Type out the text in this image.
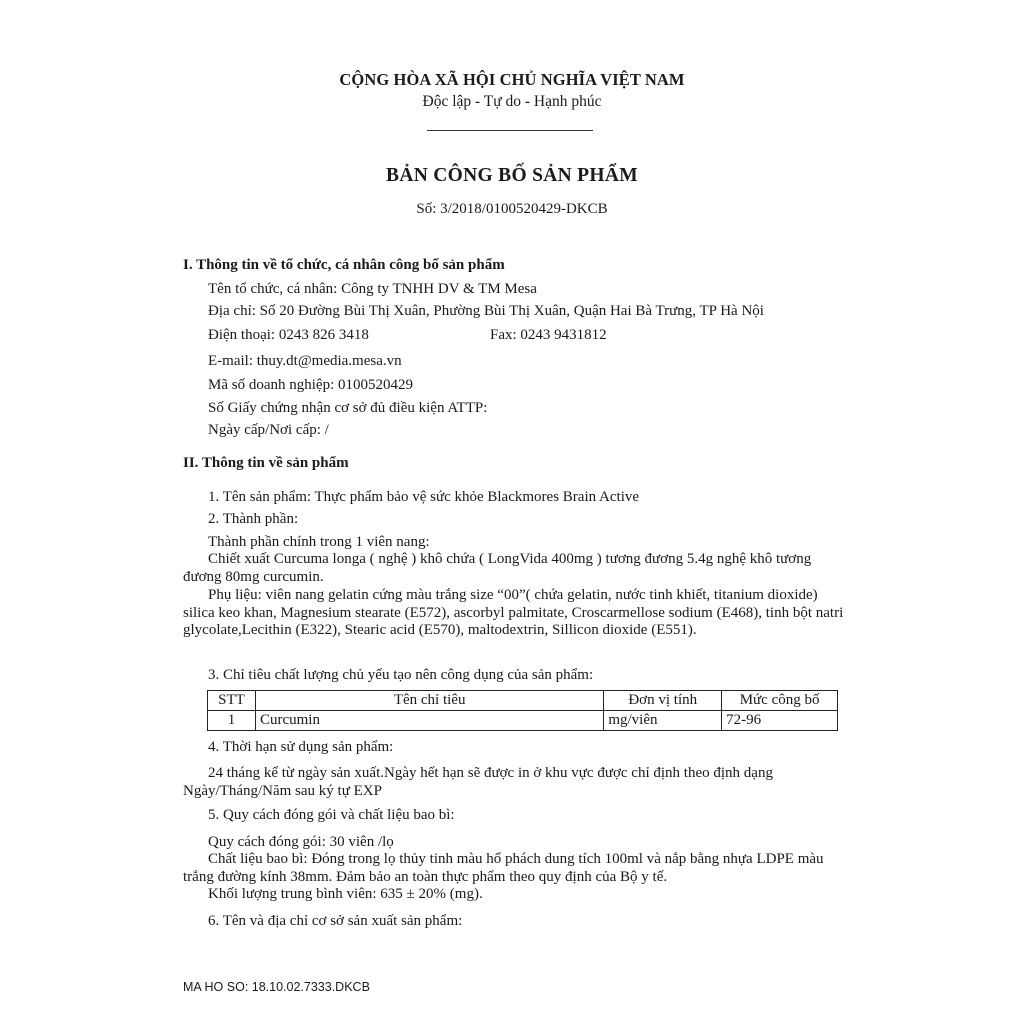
CỘNG HÒA XÃ HỘI CHỦ NGHĨA VIỆT NAM
Độc lập - Tự do - Hạnh phúc
BẢN CÔNG BỐ SẢN PHẨM
Số: 3/2018/0100520429-DKCB
I. Thông tin về tổ chức, cá nhân công bố sản phẩm
Tên tổ chức, cá nhân: Công ty TNHH DV & TM Mesa
Địa chỉ: Số 20 Đường Bùi Thị Xuân, Phường Bùi Thị Xuân, Quận Hai Bà Trưng, TP Hà Nội
Điện thoại: 0243 826 3418	Fax: 0243 9431812
E-mail: thuy.dt@media.mesa.vn
Mã số doanh nghiệp: 0100520429
Số Giấy chứng nhận cơ sở đủ điều kiện ATTP:
Ngày cấp/Nơi cấp: /
II. Thông tin về sản phẩm
1. Tên sản phẩm: Thực phẩm bảo vệ sức khỏe Blackmores Brain Active
2. Thành phần:
Thành phần chính trong 1 viên nang:
Chiết xuất Curcuma longa ( nghệ ) khô chứa ( LongVida 400mg ) tương đương 5.4g nghệ khô tương đương 80mg curcumin.
Phụ liệu: viên nang gelatin cứng màu trắng size “00”( chứa gelatin, nước tinh khiết, titanium dioxide) silica keo khan, Magnesium stearate (E572), ascorbyl palmitate, Croscarmellose sodium (E468), tinh bột natri glycolate,Lecithin (E322), Stearic acid (E570), maltodextrin, Sillicon dioxide (E551).
3. Chỉ tiêu chất lượng chủ yếu tạo nên công dụng của sản phẩm:
STT	Tên chỉ tiêu	Đơn vị tính	Mức công bố
1	Curcumin	mg/viên	72-96
4. Thời hạn sử dụng sản phẩm:
24 tháng kể từ ngày sản xuất.Ngày hết hạn sẽ được in ở khu vực được chỉ định theo định dạng Ngày/Tháng/Năm sau ký tự EXP
5. Quy cách đóng gói và chất liệu bao bì:
Quy cách đóng gói: 30 viên /lọ
Chất liệu bao bì: Đóng trong lọ thủy tinh màu hổ phách dung tích 100ml và nắp bằng nhựa LDPE màu trắng đường kính 38mm. Đảm bảo an toàn thực phẩm theo quy định của Bộ y tế.
Khối lượng trung bình viên: 635 ± 20% (mg).
6. Tên và địa chỉ cơ sở sản xuất sản phẩm:
MA HO SO: 18.10.02.7333.DKCB
